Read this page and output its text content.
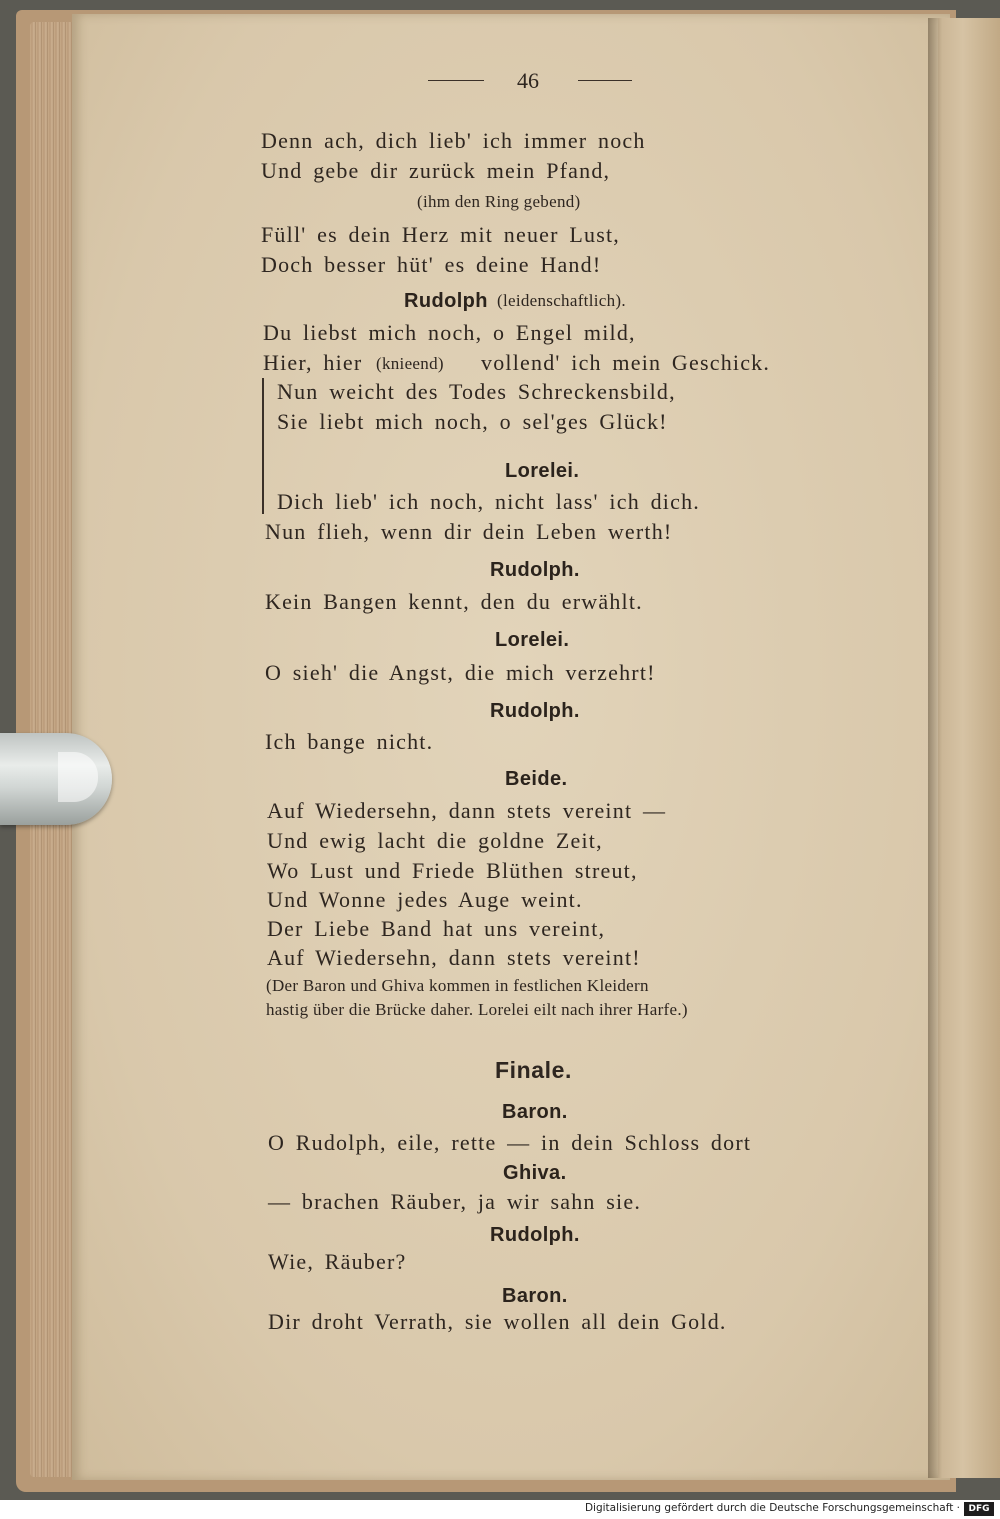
46
Denn ach, dich lieb' ich immer noch
Und gebe dir zurück mein Pfand,
(ihm den Ring gebend)
Füll' es dein Herz mit neuer Lust,
Doch besser hüt' es deine Hand!
Rudolph (leidenschaftlich).
Du liebst mich noch, o Engel mild,
Hier, hier (knieend) vollend' ich mein Geschick.
Nun weicht des Todes Schreckensbild,
Sie liebt mich noch, o sel'ges Glück!
Lorelei.
Dich lieb' ich noch, nicht lass' ich dich.
Nun flieh, wenn dir dein Leben werth!
Rudolph.
Kein Bangen kennt, den du erwählt.
Lorelei.
O sieh' die Angst, die mich verzehrt!
Rudolph.
Ich bange nicht.
Beide.
Auf Wiedersehn, dann stets vereint —
Und ewig lacht die goldne Zeit,
Wo Lust und Friede Blüthen streut,
Und Wonne jedes Auge weint.
Der Liebe Band hat uns vereint,
Auf Wiedersehn, dann stets vereint!
(Der Baron und Ghiva kommen in festlichen Kleidern
hastig über die Brücke daher. Lorelei eilt nach ihrer Harfe.)
Finale.
Baron.
O Rudolph, eile, rette — in dein Schloss dort
Ghiva.
— brachen Räuber, ja wir sahn sie.
Rudolph.
Wie, Räuber?
Baron.
Dir droht Verrath, sie wollen all dein Gold.
Digitalisierung gefördert durch die Deutsche Forschungsgemeinschaft · DFG
